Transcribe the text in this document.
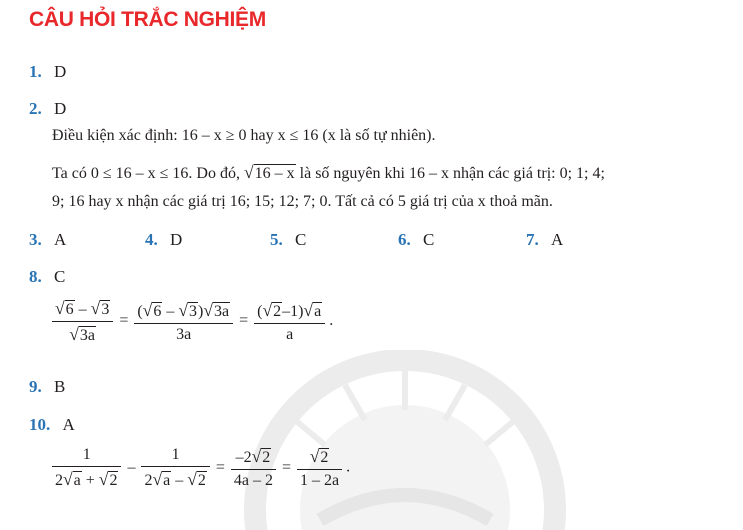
CÂU HỎI TRẮC NGHIỆM
1. D
2. D
Điều kiện xác định: 16 – x ≥ 0 hay x ≤ 16 (x là số tự nhiên).
Ta có 0 ≤ 16 – x ≤ 16. Do đó, √16 – x là số nguyên khi 16 – x nhận các giá trị: 0; 1; 4;
9; 16 hay x nhận các giá trị 16; 15; 12; 7; 0. Tất cả có 5 giá trị của x thoả mãn.
3. A	4. D	5. C	6. C	7. A
8. C
$\frac{√6 - √3}{√3a} = \frac{(√6 - √3)√3a}{3a} = \frac{(√2-1)√a}{a}$ .
9. B
10. A
$\frac{1}{2√a + √2} - \frac{1}{2√a - √2} = \frac{-2√2}{4a - 2} = \frac{√2}{1 - 2a}$ .
